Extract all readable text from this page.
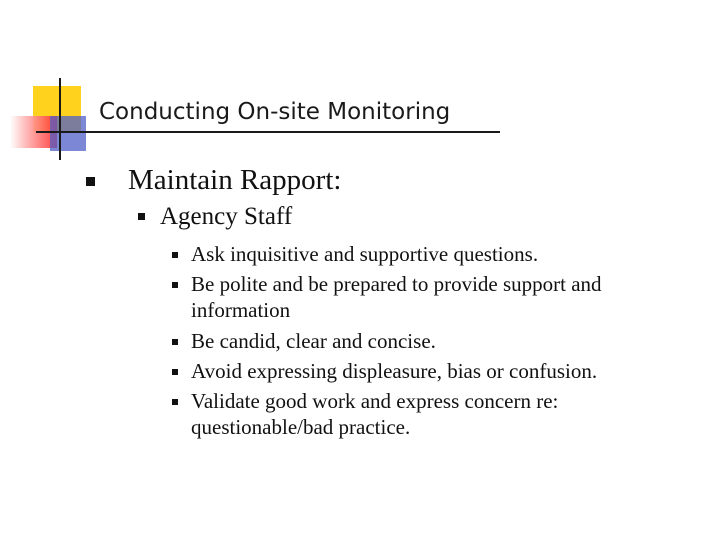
Conducting On-site Monitoring
Maintain Rapport:
Agency Staff
Ask inquisitive and supportive questions.
Be polite and be prepared to provide support and information
Be candid, clear and concise.
Avoid expressing displeasure, bias or confusion.
Validate good work and express concern re: questionable/bad practice.
